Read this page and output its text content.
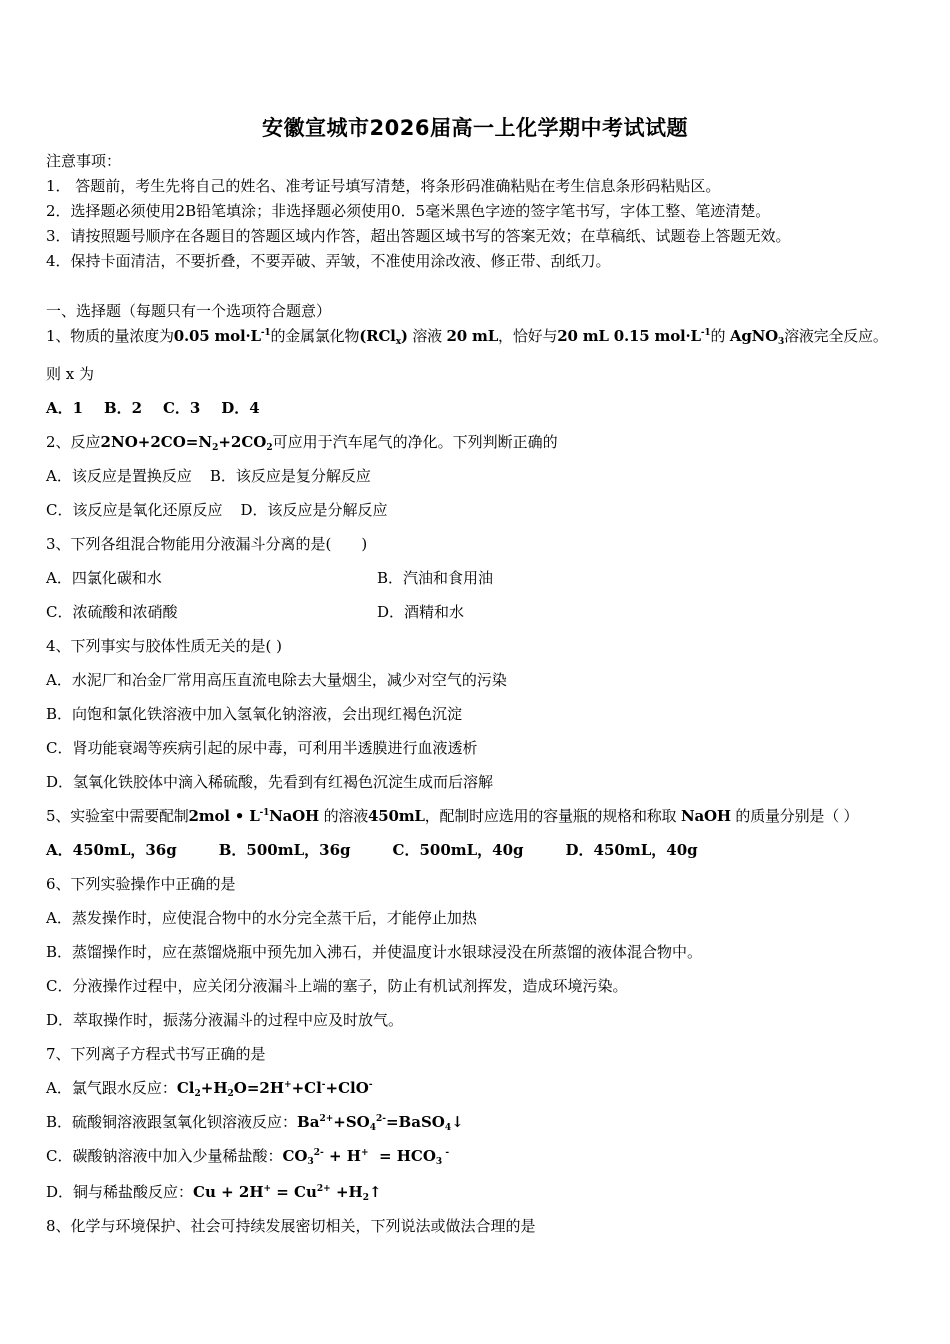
安徽宣城市2026届高一上化学期中考试试题
注意事项：
1． 答题前，考生先将自己的姓名、准考证号填写清楚，将条形码准确粘贴在考生信息条形码粘贴区。
2．选择题必须使用2B铅笔填涂；非选择题必须使用0．5毫米黑色字迹的签字笔书写，字体工整、笔迹清楚。
3．请按照题号顺序在各题目的答题区域内作答，超出答题区域书写的答案无效；在草稿纸、试题卷上答题无效。
4．保持卡面清洁，不要折叠，不要弄破、弄皱，不准使用涂改液、修正带、刮纸刀。
一、选择题（每题只有一个选项符合题意）
1、物质的量浓度为0.05 $mol\cdot L^{-1}$的金属氯化物(RCl$_x$) 溶液 20 mL，恰好与20 mL 0.15 $mol\cdot L^{-1}$的 AgNO$_3$溶液完全反应。
则 x 为
A．1    B．2    C．3    D．4
2、反应$2NO+2CO=N_2+2CO_2$可应用于汽车尾气的净化。下列判断正确的
A．该反应是置换反应 B．该反应是复分解反应
C．该反应是氧化还原反应 D．该反应是分解反应
3、下列各组混合物能用分液漏斗分离的是(　　)
A．四氯化碳和水	B．汽油和食用油
C．浓硫酸和浓硝酸	D．酒精和水
4、下列事实与胶体性质无关的是( )
A．水泥厂和冶金厂常用高压直流电除去大量烟尘，减少对空气的污染
B．向饱和氯化铁溶液中加入氢氧化钠溶液，会出现红褐色沉淀
C．肾功能衰竭等疾病引起的尿中毒，可利用半透膜进行血液透析
D．氢氧化铁胶体中滴入稀硫酸，先看到有红褐色沉淀生成而后溶解
5、实验室中需要配制2mol • $L^{-1}NaOH$ 的溶液450mL，配制时应选用的容量瓶的规格和称取 NaOH 的质量分别是（ ）
A．450mL，36g	B．500mL，36g	C．500mL，40g	D．450mL，40g
6、下列实验操作中正确的是
A．蒸发操作时，应使混合物中的水分完全蒸干后，才能停止加热
B．蒸馏操作时，应在蒸馏烧瓶中预先加入沸石，并使温度计水银球浸没在所蒸馏的液体混合物中。
C．分液操作过程中，应关闭分液漏斗上端的塞子，防止有机试剂挥发，造成环境污染。
D．萃取操作时，振荡分液漏斗的过程中应及时放气。
7、下列离子方程式书写正确的是
A．氯气跟水反应：$Cl_2+H_2O=2H^++Cl^-+ClO^-$
B．硫酸铜溶液跟氢氧化钡溶液反应：$Ba^{2+}+SO_4^{2-}=BaSO_4↓$
C．碳酸钠溶液中加入少量稀盐酸：$CO_3^{2-} + H^+ = HCO_3$ -
D．铜与稀盐酸反应：$Cu + 2H^+ = Cu^{2+}$ $+H_2↑$
8、化学与环境保护、社会可持续发展密切相关，下列说法或做法合理的是
